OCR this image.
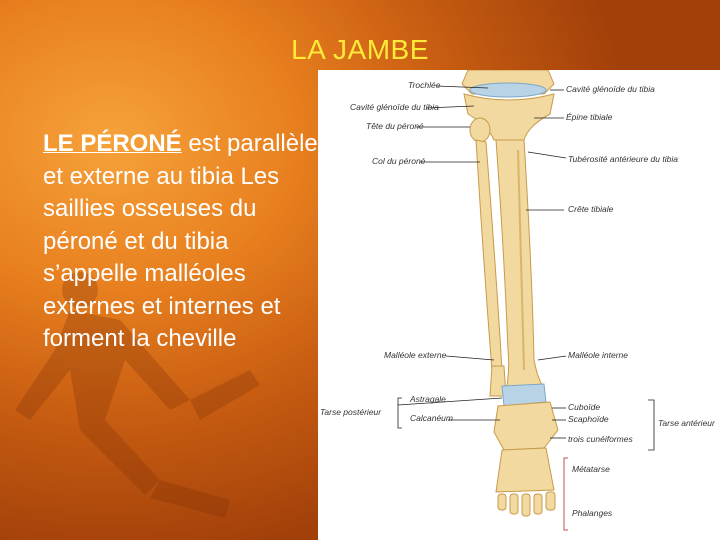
LA JAMBE
LE PÉRONÉ est parallèle et externe au tibia Les saillies osseuses du péroné et du tibia s’appelle malléoles externes et internes et forment la cheville
Trochlée
Cavité glénoïde du tibia
Tête du péroné
Col du péroné
Malléole externe
Tarse postérieur
Astragale
Calcanéum
Cavité glénoïde du tibia
Épine tibiale
Tubérosité antérieure du tibia
Crête tibiale
Malléole interne
Cuboïde
Scaphoïde
trois cunéiformes
Tarse antérieur
Métatarse
Phalanges
